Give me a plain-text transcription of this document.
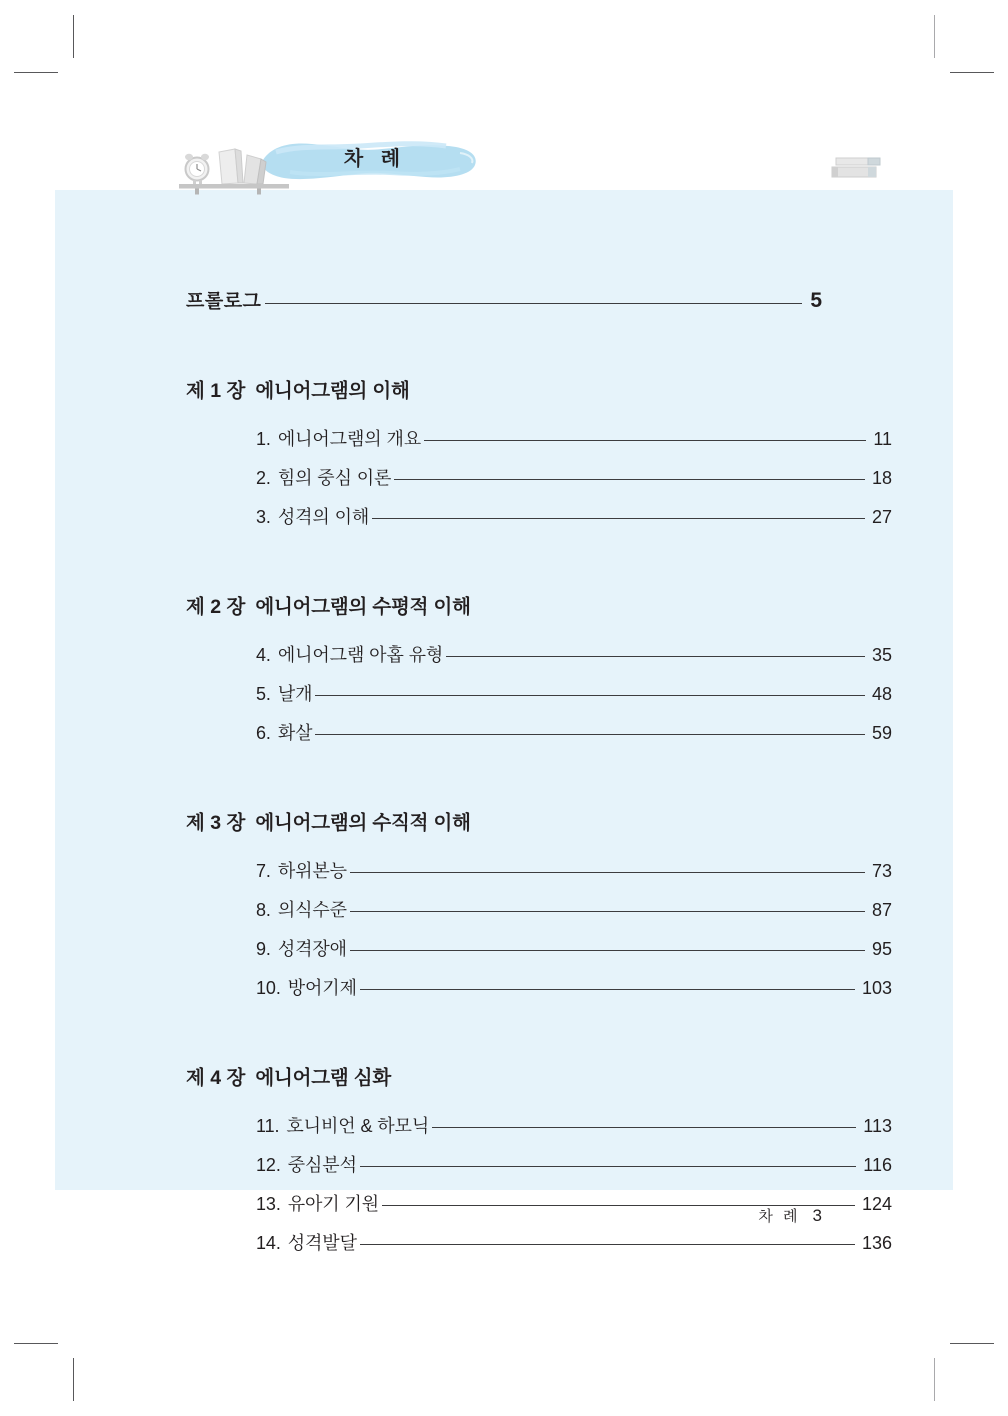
차 례
프롤로그	5
제 1 장 에니어그램의 이해
1. 에니어그램의 개요	11
2. 힘의 중심 이론	18
3. 성격의 이해	27
제 2 장 에니어그램의 수평적 이해
4. 에니어그램 아홉 유형	35
5. 날개	48
6. 화살	59
제 3 장 에니어그램의 수직적 이해
7. 하위본능	73
8. 의식수준	87
9. 성격장애	95
10. 방어기제	103
제 4 장 에니어그램 심화
11. 호니비언 & 하모닉	113
12. 중심분석	116
13. 유아기 기원	124
14. 성격발달	136
차 례 3
